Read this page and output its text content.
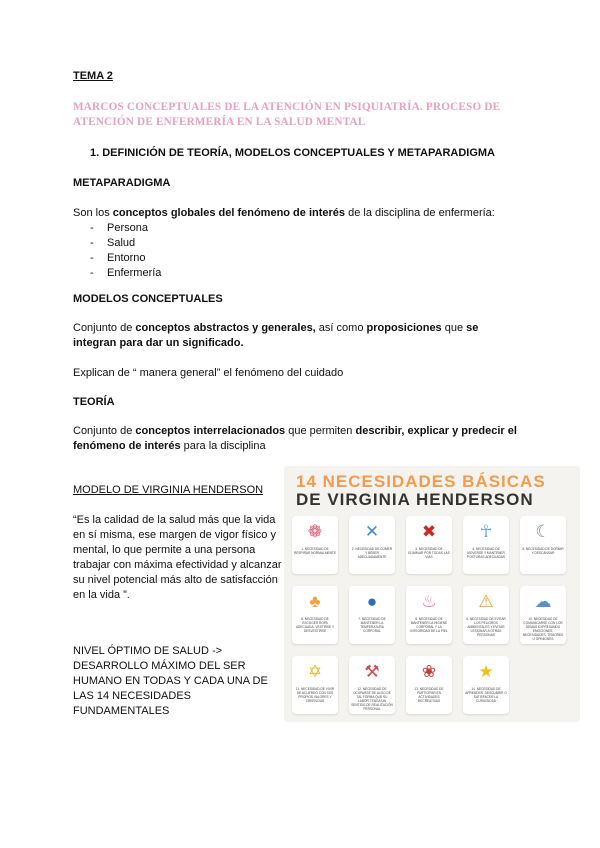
TEMA 2
MARCOS CONCEPTUALES DE LA ATENCIÓN EN PSIQUIATRÍA. PROCESO DE ATENCIÓN DE ENFERMERÍA EN LA SALUD MENTAL
1. DEFINICIÓN DE TEORÍA, MODELOS CONCEPTUALES Y METAPARADIGMA
METAPARADIGMA
Son los conceptos globales del fenómeno de interés de la disciplina de enfermería:
- Persona
- Salud
- Entorno
- Enfermería
MODELOS CONCEPTUALES
Conjunto de conceptos abstractos y generales, así como proposiciones que se integran para dar un significado.
Explican de “ manera general” el fenómeno del cuidado
TEORÍA
Conjunto de conceptos interrelacionados que permiten describir, explicar y predecir el fenómeno de interés para la disciplina
MODELO DE VIRGINIA HENDERSON
“Es la calidad de la salud más que la vida en sí misma, ese margen de vigor físico y mental, lo que permite a una persona trabajar con máxima efectividad y alcanzar su nivel potencial más alto de satisfacción en la vida ”.
NIVEL ÓPTIMO DE SALUD -> DESARROLLO MÁXIMO DEL SER HUMANO EN TODAS Y CADA UNA DE LAS 14 NECESIDADES FUNDAMENTALES
14 NECESIDADES BÁSICAS
DE VIRGINIA HENDERSON
❁
1. NECESIDAD DE RESPIRAR NORMALMENTE
✕
2. NECESIDAD DE COMER Y BEBER ADECUADAMENTE
✖
3. NECESIDAD DE ELIMINAR POR TODAS LAS VÍAS
☥
4. NECESIDAD DE MOVERSE Y MANTENER POSTURAS ADECUADAS
☾
5. NECESIDAD DE DORMIR Y DESCANSAR
♣
6. NECESIDAD DE ESCOGER ROPA ADECUADA, VESTIRSE Y DESVESTIRSE
●
7. NECESIDAD DE MANTENER LA TEMPERATURA CORPORAL
♨
8. NECESIDAD DE MANTENER LA HIGIENE CORPORAL Y LA INTEGRIDAD DE LA PIEL
⚠
9. NECESIDAD DE EVITAR LOS PELIGROS AMBIENTALES Y EVITAR LESIONAR A OTRAS PERSONAS
☁
10. NECESIDAD DE COMUNICARSE CON LOS DEMÁS EXPRESANDO EMOCIONES, NECESIDADES, TEMORES U OPINIONES
✡
11. NECESIDAD DE VIVIR DE ACUERDO CON SUS PROPIOS VALORES Y CREENCIAS
⚒
12. NECESIDAD DE OCUPARSE DE ALGO DE TAL FORMA QUE SU LABOR TENGA UN SENTIDO DE REALIZACIÓN PERSONAL
❀
13. NECESIDAD DE PARTICIPAR EN ACTIVIDADES RECREATIVAS
★
14. NECESIDAD DE APRENDER, DESCUBRIR O SATISFACER LA CURIOSIDAD
